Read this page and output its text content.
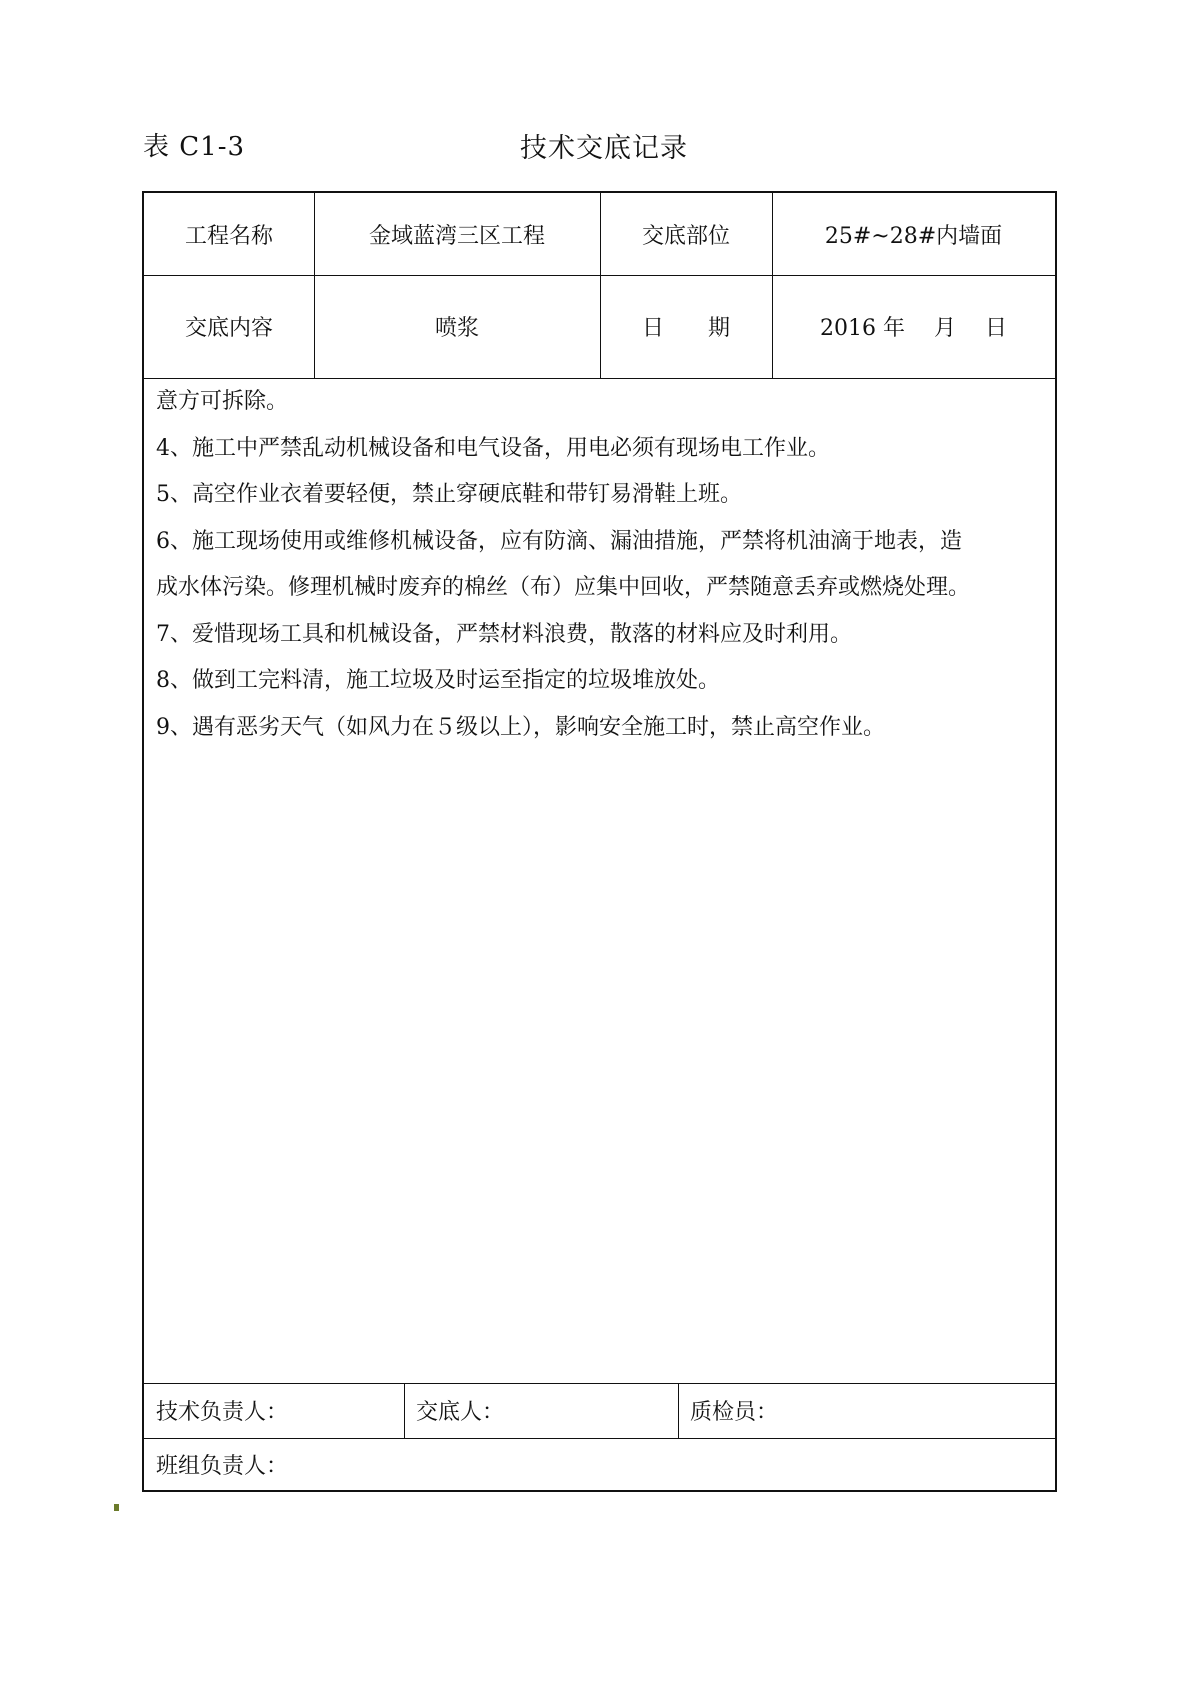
表 C1-3	技术交底记录
工程名称	金域蓝湾三区工程	交底部位	25#~28#内墙面
交底内容	喷浆	日　　期	2016 年　 月　 日
意方可拆除。
4、施工中严禁乱动机械设备和电气设备，用电必须有现场电工作业。
5、高空作业衣着要轻便，禁止穿硬底鞋和带钉易滑鞋上班。
6、施工现场使用或维修机械设备，应有防滴、漏油措施，严禁将机油滴于地表，造
成水体污染。修理机械时废弃的棉丝（布）应集中回收，严禁随意丢弃或燃烧处理。
7、爱惜现场工具和机械设备，严禁材料浪费，散落的材料应及时利用。
8、做到工完料清，施工垃圾及时运至指定的垃圾堆放处。
9、遇有恶劣天气（如风力在５级以上），影响安全施工时，禁止高空作业。
技术负责人：	交底人：	质检员：
班组负责人：
